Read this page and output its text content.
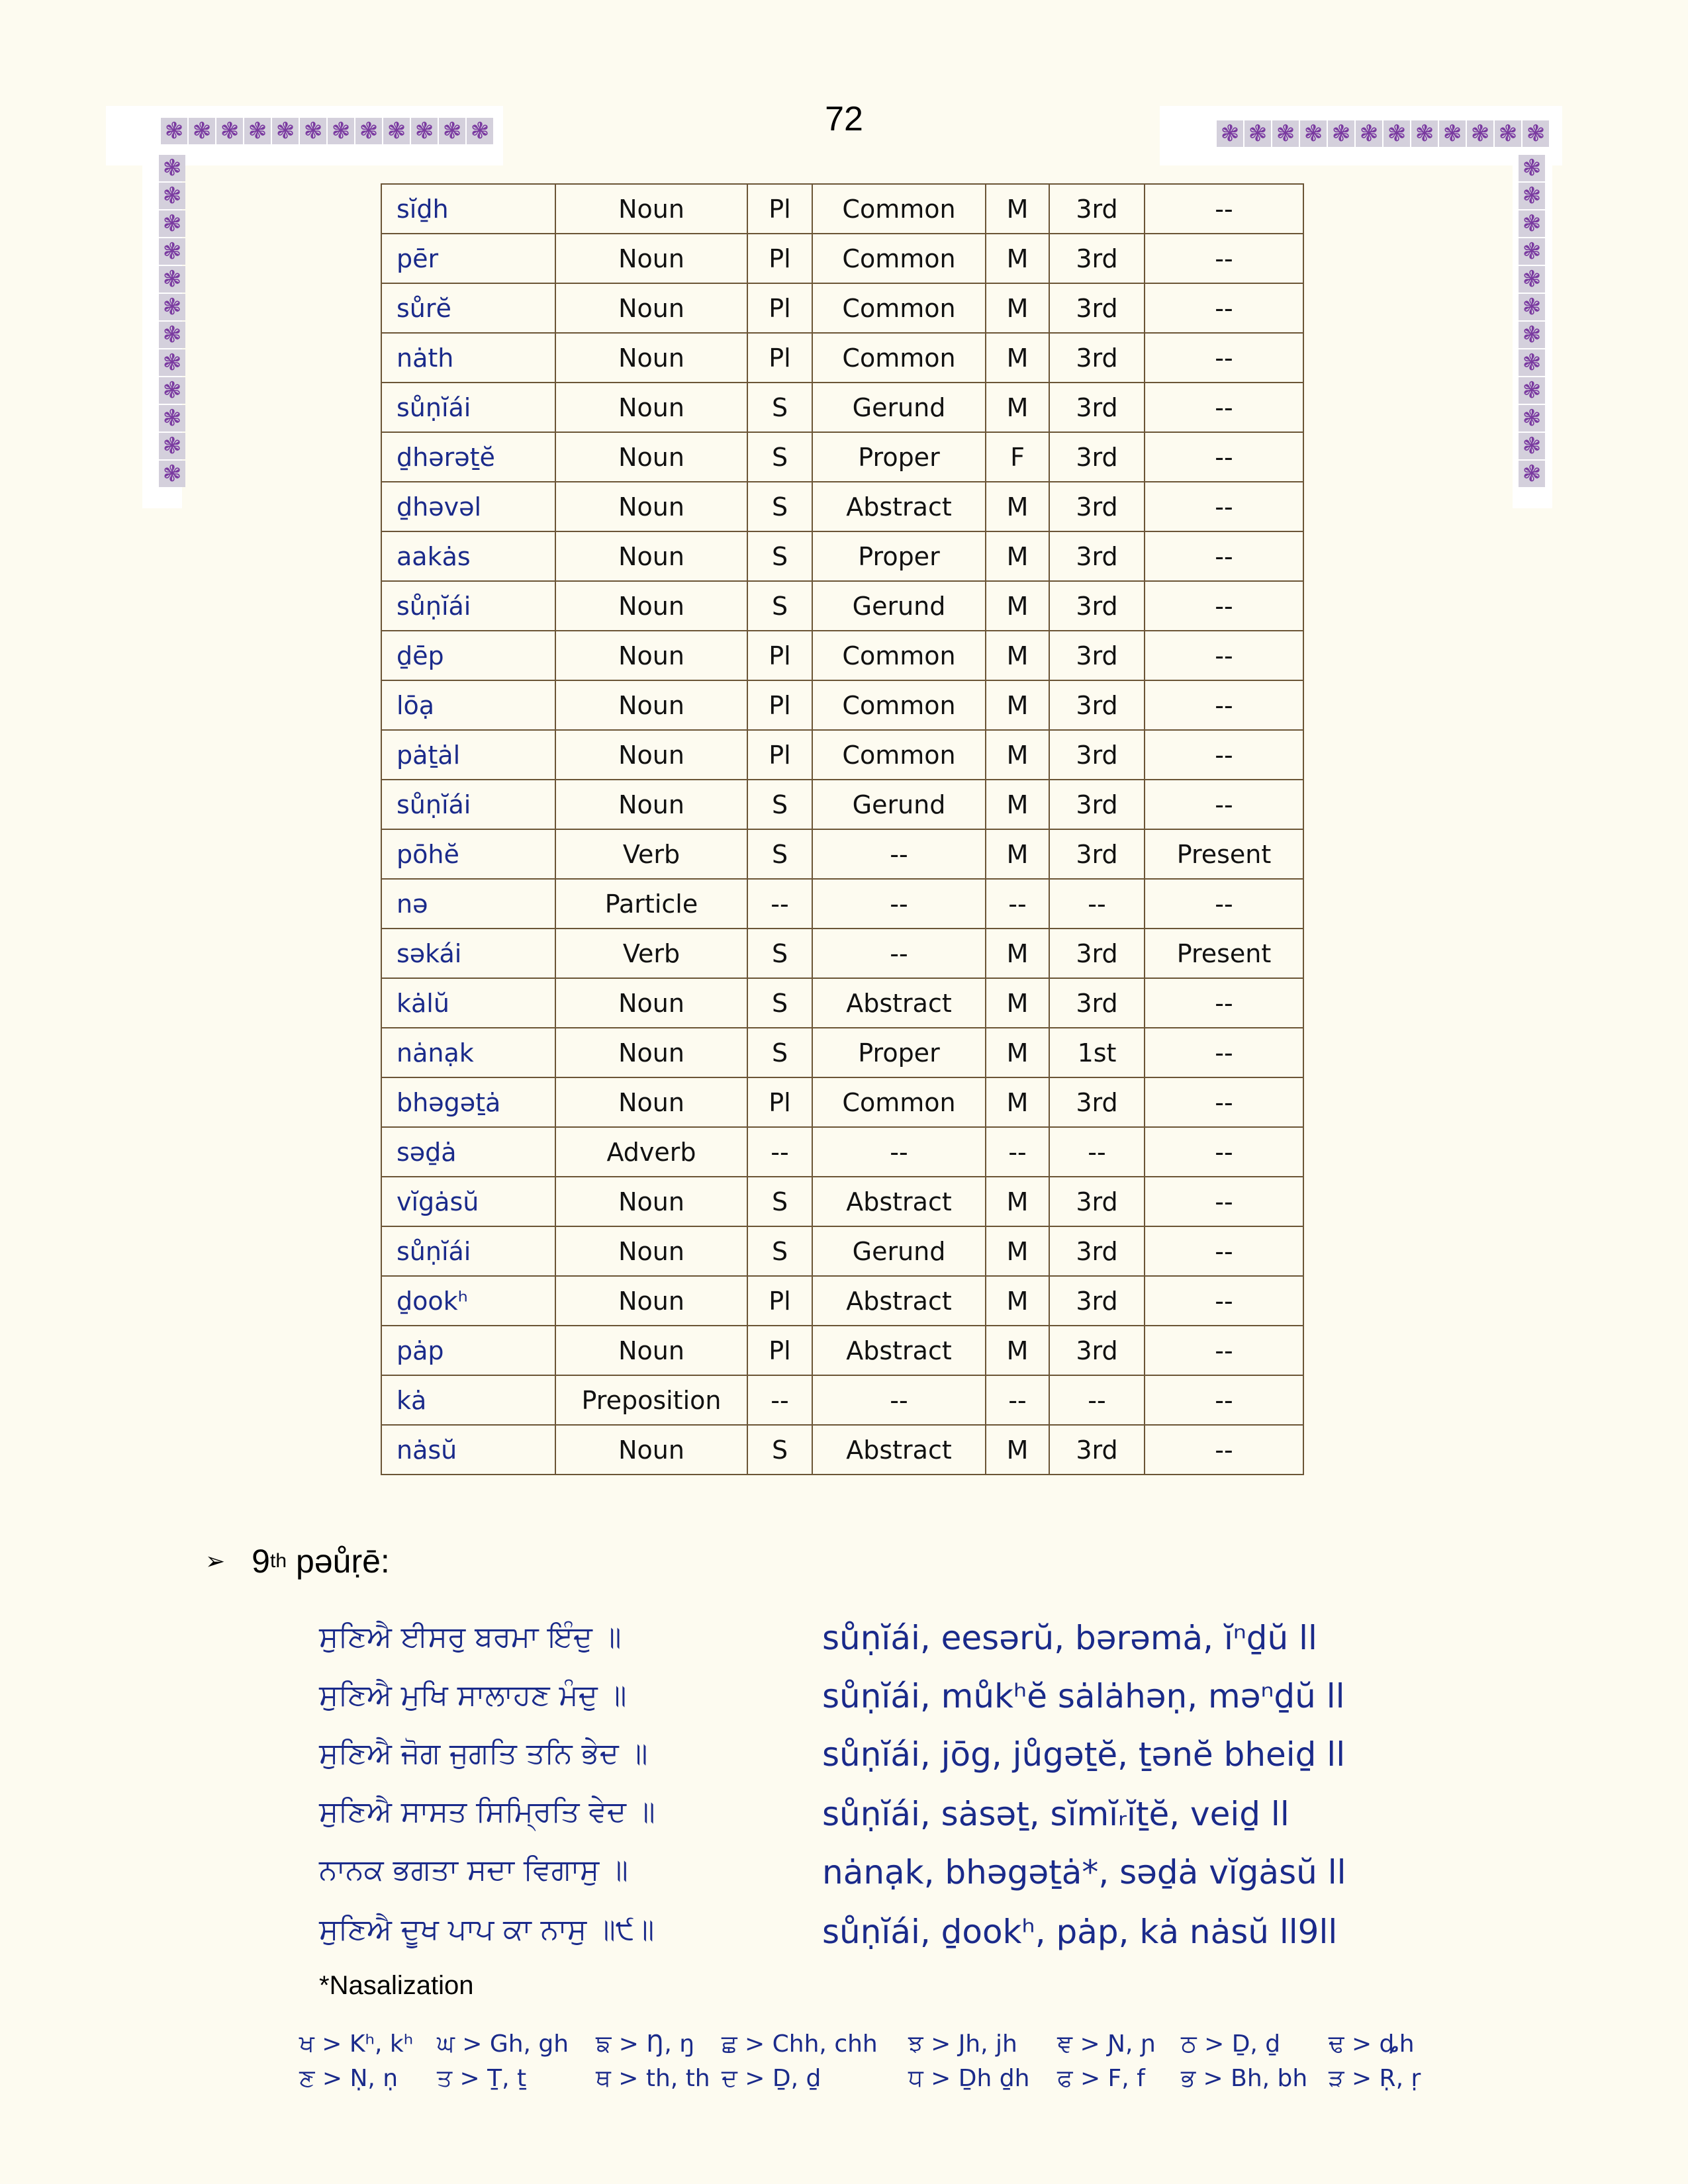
72
❃ ❃ ❃ ❃ ❃ ❃ ❃ ❃ ❃ ❃ ❃ ❃
❃
❃
❃
❃
❃
❃
❃
❃
❃
❃
❃
❃
❃ ❃ ❃ ❃ ❃ ❃ ❃ ❃ ❃ ❃ ❃ ❃
❃
❃
❃
❃
❃
❃
❃
❃
❃
❃
❃
❃
sĭḏh	Noun	Pl	Common	M	3rd	--
pēr	Noun	Pl	Common	M	3rd	--
sůrĕ	Noun	Pl	Common	M	3rd	--
nȧth	Noun	Pl	Common	M	3rd	--
sůṇĭái	Noun	S	Gerund	M	3rd	--
ḏhərəṯĕ	Noun	S	Proper	F	3rd	--
ḏhəvəl	Noun	S	Abstract	M	3rd	--
aakȧs	Noun	S	Proper	M	3rd	--
sůṇĭái	Noun	S	Gerund	M	3rd	--
ḏēp	Noun	Pl	Common	M	3rd	--
lōạ	Noun	Pl	Common	M	3rd	--
pȧṯȧl	Noun	Pl	Common	M	3rd	--
sůṇĭái	Noun	S	Gerund	M	3rd	--
pōhĕ	Verb	S	--	M	3rd	Present
nə	Particle	--	--	--	--	--
səkái	Verb	S	--	M	3rd	Present
kȧlŭ	Noun	S	Abstract	M	3rd	--
nȧnạk	Noun	S	Proper	M	1st	--
bhəgəṯȧ	Noun	Pl	Common	M	3rd	--
səḏȧ	Adverb	--	--	--	--	--
vĭgȧsŭ	Noun	S	Abstract	M	3rd	--
sůṇĭái	Noun	S	Gerund	M	3rd	--
ḏookʰ	Noun	Pl	Abstract	M	3rd	--
pȧp	Noun	Pl	Abstract	M	3rd	--
kȧ	Preposition	--	--	--	--	--
nȧsŭ	Noun	S	Abstract	M	3rd	--
➢ 9 th pəůṛē:
ਸੁਣਿਐ ਈਸਰੁ ਬਰਮਾ ਇੰਦੁ ॥
ਸੁਣਿਐ ਮੁਖਿ ਸਾਲਾਹਣ ਮੰਦੁ ॥
ਸੁਣਿਐ ਜੋਗ ਜੁਗਤਿ ਤਨਿ ਭੇਦ ॥
ਸੁਣਿਐ ਸਾਸਤ ਸਿਮ੍ਰਿਤਿ ਵੇਦ ॥
ਨਾਨਕ ਭਗਤਾ ਸਦਾ ਵਿਗਾਸੁ ॥
ਸੁਣਿਐ ਦੂਖ ਪਾਪ ਕਾ ਨਾਸੁ ॥੯॥
sůṇĭái, eesərŭ, bərəmȧ, ĭⁿḏŭ ll
sůṇĭái, můkʰĕ sȧlȧhəṇ, məⁿḏŭ ll
sůṇĭái, jōg, jůgəṯĕ, ṯənĕ bheiḏ ll
sůṇĭái, sȧsəṯ, sĭmĭᵣĭṯĕ, veiḏ ll
nȧnạk, bhəgəṯȧ*, səḏȧ vĭgȧsŭ ll
sůṇĭái, ḏookʰ, pȧp, kȧ nȧsŭ ll9ll
*Nasalization
ਖ > Kʰ, kʰ ਘ > Gh, gh ਙ > Ŋ, ŋ ਛ > Chh, chh ਝ > Jh, jh ਞ > Ɲ, ɲ ਠ > Ḏ, ḏ ਢ > ȡh
ਣ > Ṇ, ṇ ਤ > Ṯ, ṯ	ਥ > th, th ਦ > Ḏ, ḏ	ਧ > Ḏh ḏh ਫ > F, f ਭ > Bh, bh ੜ > Ṛ, ṛ
